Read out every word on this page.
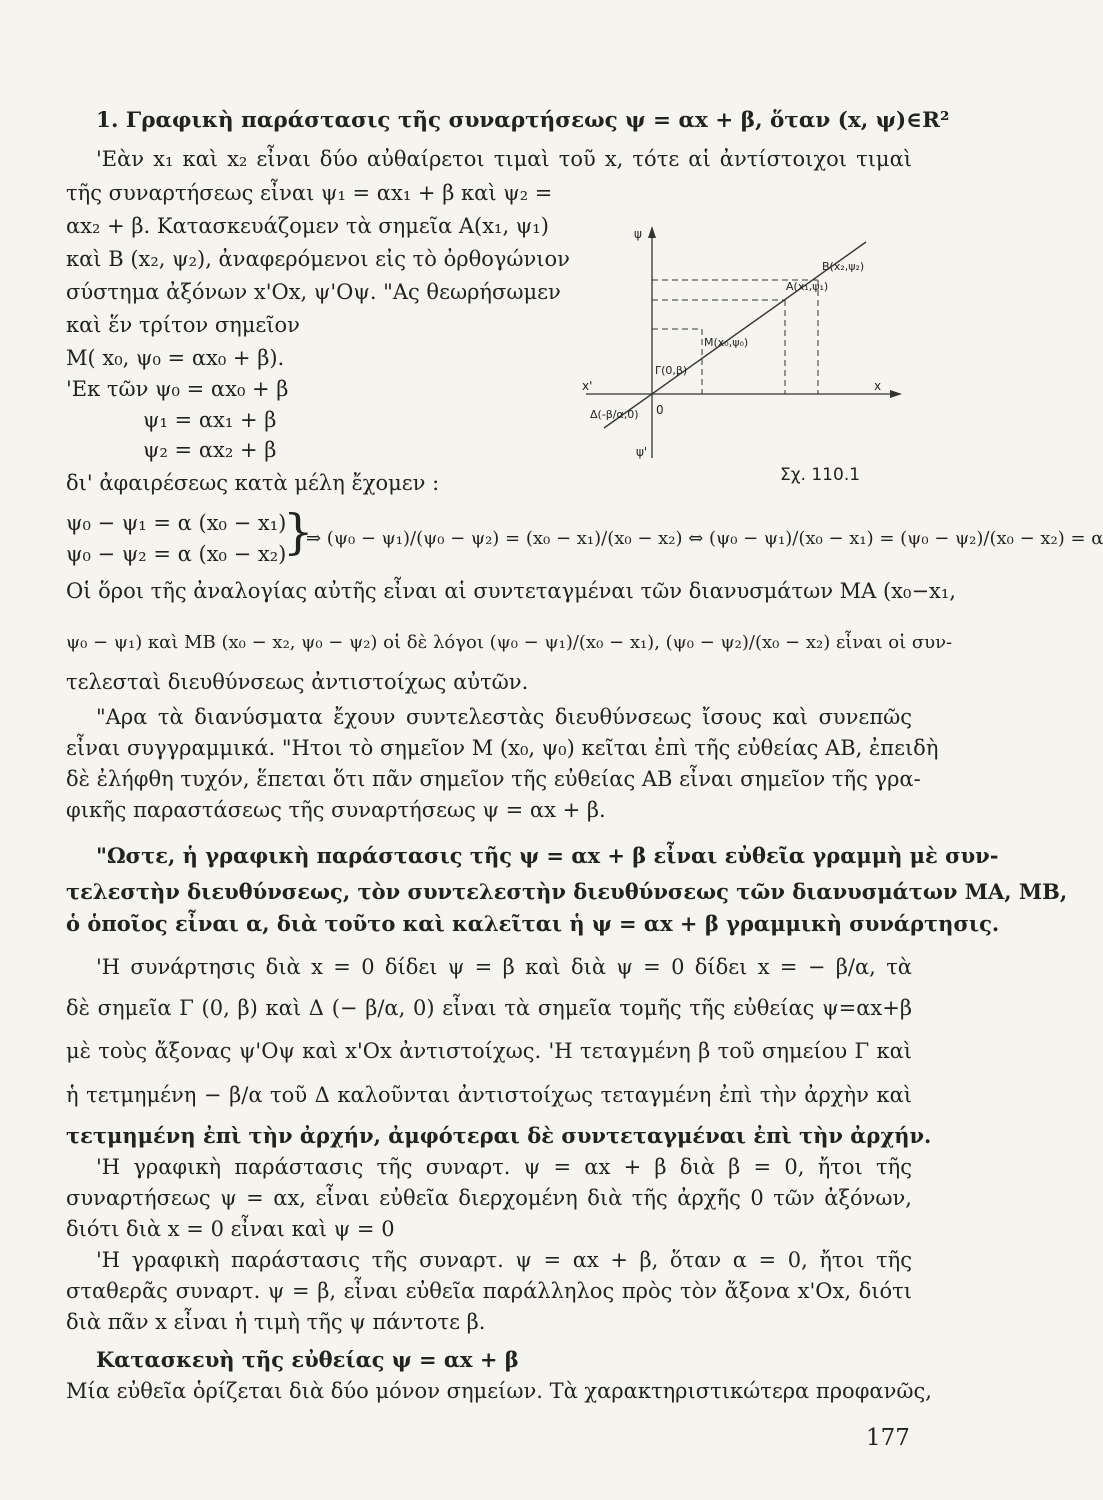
1. Γραφικὴ παράστασις τῆς συναρτήσεως ψ = αx + β, ὅταν (x, ψ)∈R²
'Εὰν x₁ καὶ x₂ εἶναι δύο αὐθαίρετοι τιμαὶ τοῦ x, τότε αἱ ἀντίστοιχοι τιμαὶ
τῆς συναρτήσεως εἶναι ψ₁ = αx₁ + β καὶ ψ₂ =
αx₂ + β. Κατασκευάζομεν τὰ σημεῖα A(x₁, ψ₁)
καὶ B (x₂, ψ₂), ἀναφερόμενοι εἰς τὸ ὀρθογώνιον
σύστημα ἀξόνων x'Ox, ψ'Oψ. "Ας θεωρήσωμεν
καὶ ἕν τρίτον σημεῖον
M( x₀, ψ₀ = αx₀ + β).
'Εκ τῶν ψ₀ = αx₀ + β
ψ₁ = αx₁ + β
ψ₂ = αx₂ + β
δι' ἀφαιρέσεως κατὰ μέλη ἔχομεν :
ψ
ψ'
x'	x
0
B(x₂,ψ₂)
A(x₁,ψ₁)
M(x₀,ψ₀)
Γ(0,β)
Δ(-β/α,0)
Σχ. 110.1
ψ₀ − ψ₁ = α (x₀ − x₁)
ψ₀ − ψ₂ = α (x₀ − x₂)
}
⇒ (ψ₀ − ψ₁)/(ψ₀ − ψ₂) = (x₀ − x₁)/(x₀ − x₂) ⇔ (ψ₀ − ψ₁)/(x₀ − x₁) = (ψ₀ − ψ₂)/(x₀ − x₂) = α
Οἱ ὅροι τῆς ἀναλογίας αὐτῆς εἶναι αἱ συντεταγμέναι τῶν διανυσμάτων MA (x₀−x₁,
ψ₀ − ψ₁) καὶ MB (x₀ − x₂, ψ₀ − ψ₂) οἱ δὲ λόγοι (ψ₀ − ψ₁)/(x₀ − x₁), (ψ₀ − ψ₂)/(x₀ − x₂) εἶναι οἱ συν-
τελεσταὶ διευθύνσεως ἀντιστοίχως αὐτῶν.
"Αρα τὰ διανύσματα ἔχουν συντελεστὰς διευθύνσεως ἴσους καὶ συνεπῶς
εἶναι συγγραμμικά. "Ητοι τὸ σημεῖον M (x₀, ψ₀) κεῖται ἐπὶ τῆς εὐθείας AB, ἐπειδὴ
δὲ ἐλήφθη τυχόν, ἕπεται ὅτι πᾶν σημεῖον τῆς εὐθείας AB εἶναι σημεῖον τῆς γρα-
φικῆς παραστάσεως τῆς συναρτήσεως ψ = αx + β.
"Ωστε, ἡ γραφικὴ παράστασις τῆς ψ = αx + β εἶναι εὐθεῖα γραμμὴ μὲ συν-
τελεστὴν διευθύνσεως, τὸν συντελεστὴν διευθύνσεως τῶν διανυσμάτων MA, MB,
ὁ ὁποῖος εἶναι α, διὰ τοῦτο καὶ καλεῖται ἡ ψ = αx + β γραμμικὴ συνάρτησις.
'Η συνάρτησις διὰ x = 0 δίδει ψ = β καὶ διὰ ψ = 0 δίδει x = − β/α, τὰ
δὲ σημεῖα Γ (0, β) καὶ Δ (− β/α, 0) εἶναι τὰ σημεῖα τομῆς τῆς εὐθείας ψ=αx+β
μὲ τοὺς ἄξονας ψ'Oψ καὶ x'Ox ἀντιστοίχως. 'Η τεταγμένη β τοῦ σημείου Γ καὶ
ἡ τετμημένη − β/α τοῦ Δ καλοῦνται ἀντιστοίχως τεταγμένη ἐπὶ τὴν ἀρχὴν καὶ
τετμημένη ἐπὶ τὴν ἀρχήν, ἀμφότεραι δὲ συντεταγμέναι ἐπὶ τὴν ἀρχήν.
'Η γραφικὴ παράστασις τῆς συναρτ. ψ = αx + β διὰ β = 0, ἤτοι τῆς
συναρτήσεως ψ = αx, εἶναι εὐθεῖα διερχομένη διὰ τῆς ἀρχῆς 0 τῶν ἀξόνων,
διότι διὰ x = 0 εἶναι καὶ ψ = 0
'Η γραφικὴ παράστασις τῆς συναρτ. ψ = αx + β, ὅταν α = 0, ἤτοι τῆς
σταθερᾶς συναρτ. ψ = β, εἶναι εὐθεῖα παράλληλος πρὸς τὸν ἄξονα x'Ox, διότι
διὰ πᾶν x εἶναι ἡ τιμὴ τῆς ψ πάντοτε β.
Κατασκευὴ τῆς εὐθείας ψ = αx + β
Μία εὐθεῖα ὁρίζεται διὰ δύο μόνον σημείων. Τὰ χαρακτηριστικώτερα προφανῶς,
177
